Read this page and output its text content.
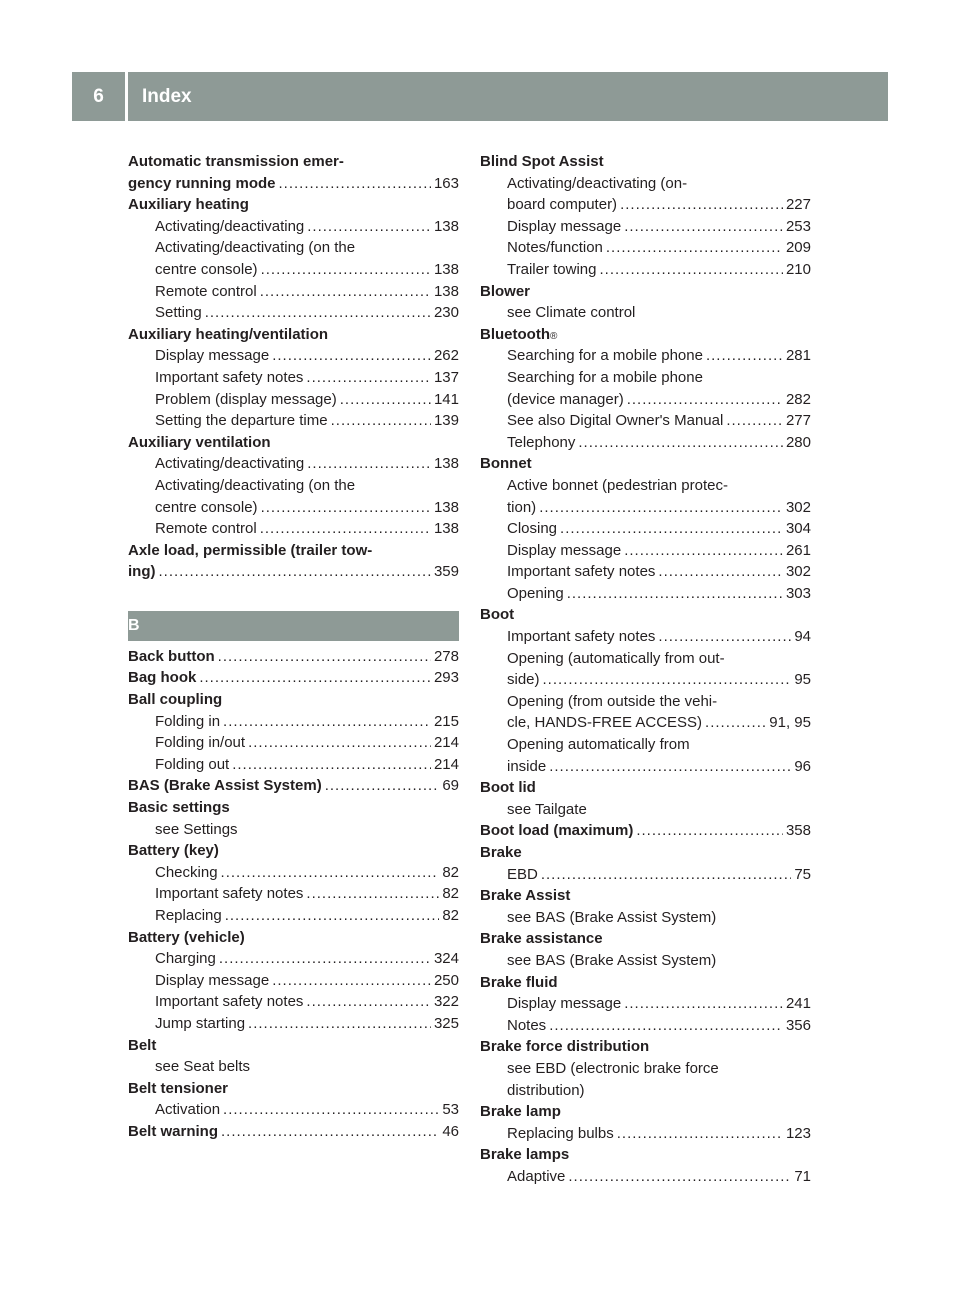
6	Index
Automatic transmission emer-
gency running mode .....	163
Auxiliary heating
Activating/deactivating .....	138
Activating/deactivating (on the
centre console) .....	138
Remote control .....	138
Setting .....	230
Auxiliary heating/ventilation
Display message .....	262
Important safety notes .....	137
Problem (display message) .....	141
Setting the departure time .....	139
Auxiliary ventilation
Activating/deactivating .....	138
Activating/deactivating (on the
centre console) .....	138
Remote control .....	138
Axle load, permissible (trailer tow-
ing) .....	359
B
Back button .....	278
Bag hook .....	293
Ball coupling
Folding in .....	215
Folding in/out .....	214
Folding out .....	214
BAS (Brake Assist System) .....	69
Basic settings
see Settings
Battery (key)
Checking .....	82
Important safety notes .....	82
Replacing .....	82
Battery (vehicle)
Charging .....	324
Display message .....	250
Important safety notes .....	322
Jump starting .....	325
Belt
see Seat belts
Belt tensioner
Activation .....	53
Belt warning .....	46
Blind Spot Assist
Activating/deactivating (on-
board computer) .....	227
Display message .....	253
Notes/function .....	209
Trailer towing .....	210
Blower
see Climate control
Bluetooth ®
Searching for a mobile phone .....	281
Searching for a mobile phone
(device manager) .....	282
See also Digital Owner's Manual .....	277
Telephony .....	280
Bonnet
Active bonnet (pedestrian protec-
tion) .....	302
Closing .....	304
Display message .....	261
Important safety notes .....	302
Opening .....	303
Boot
Important safety notes .....	94
Opening (automatically from out-
side) .....	95
Opening (from outside the vehi-
cle, HANDS-FREE ACCESS) .....	91, 95
Opening automatically from
inside .....	96
Boot lid
see Tailgate
Boot load (maximum) .....	358
Brake
EBD .....	75
Brake Assist
see BAS (Brake Assist System)
Brake assistance
see BAS (Brake Assist System)
Brake fluid
Display message .....	241
Notes .....	356
Brake force distribution
see EBD (electronic brake force
distribution)
Brake lamp
Replacing bulbs .....	123
Brake lamps
Adaptive .....	71
